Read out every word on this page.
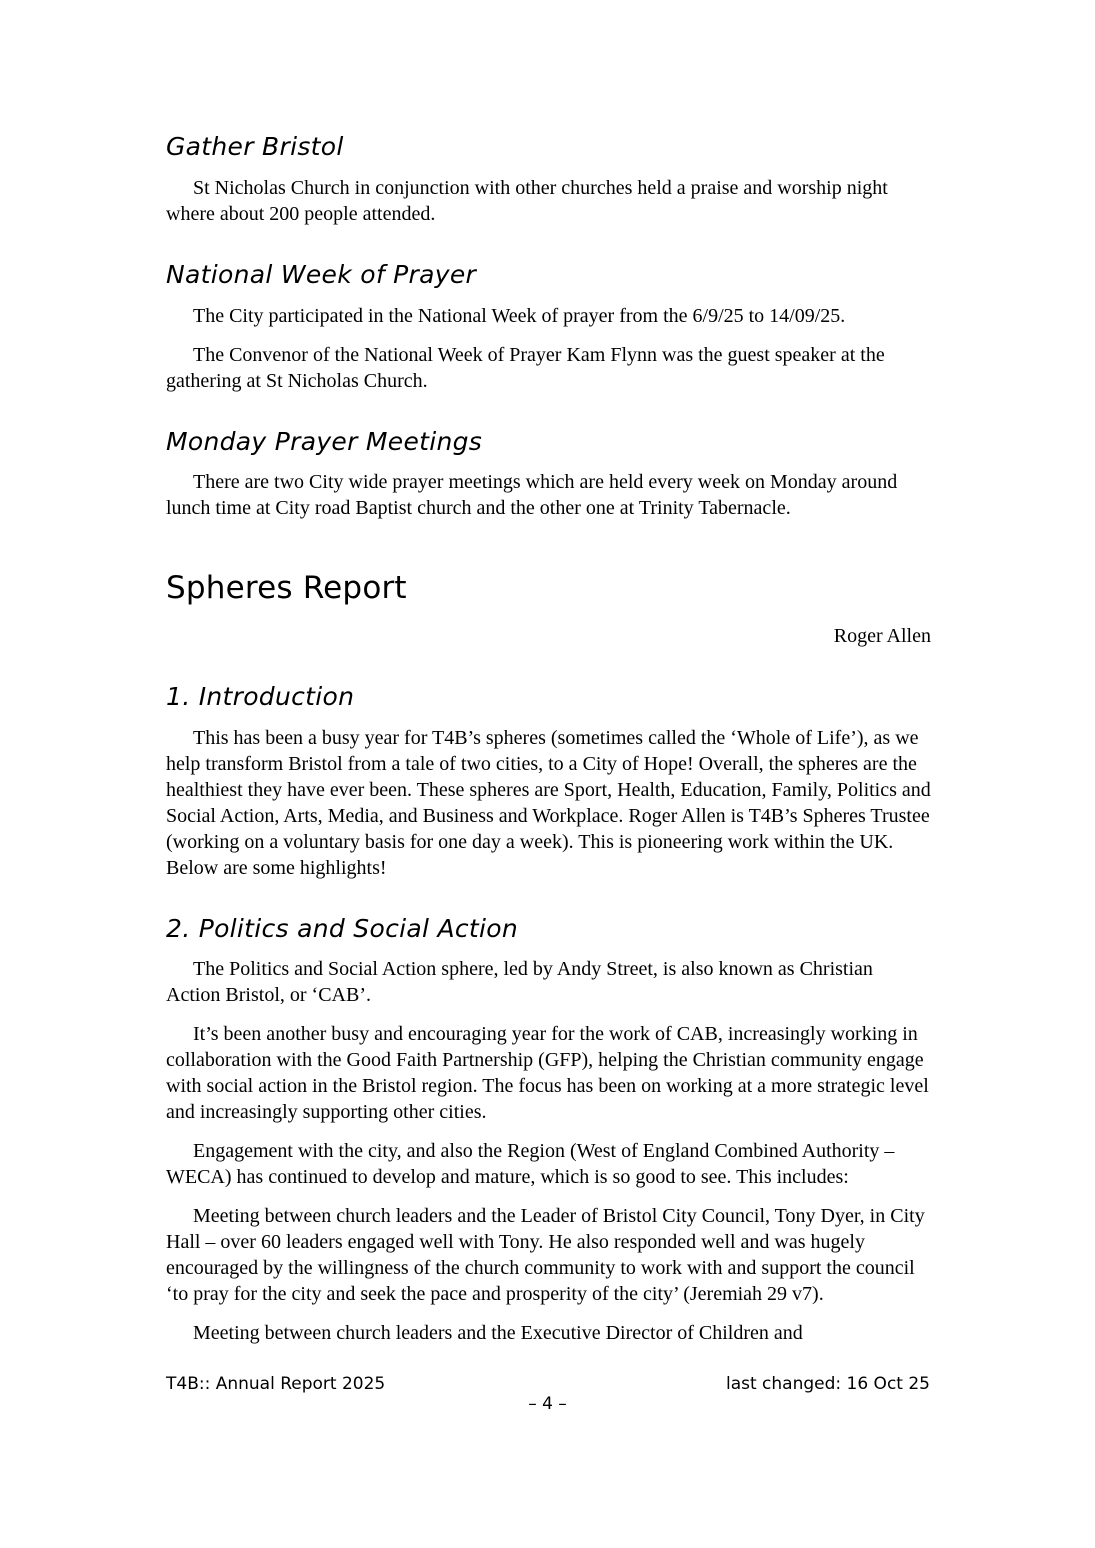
Gather Bristol
St Nicholas Church in conjunction with other churches held a praise and worship night where about 200 people attended.
National Week of Prayer
The City participated in the National Week of prayer from the 6/9/25 to 14/09/25.
The Convenor of the National Week of Prayer Kam Flynn was the guest speaker at the gathering at St Nicholas Church.
Monday Prayer Meetings
There are two City wide prayer meetings which are held every week on Monday around lunch time at City road Baptist church and the other one at Trinity Tabernacle.
Spheres Report
Roger Allen
1. Introduction
This has been a busy year for T4B’s spheres (sometimes called the ‘Whole of Life’), as we help transform Bristol from a tale of two cities, to a City of Hope! Overall, the spheres are the healthiest they have ever been. These spheres are Sport, Health, Education, Family, Politics and Social Action, Arts, Media, and Business and Workplace. Roger Allen is T4B’s Spheres Trustee (working on a voluntary basis for one day a week). This is pioneering work within the UK. Below are some highlights!
2. Politics and Social Action
The Politics and Social Action sphere, led by Andy Street, is also known as Christian Action Bristol, or ‘CAB’.
It’s been another busy and encouraging year for the work of CAB, increasingly working in collaboration with the Good Faith Partnership (GFP), helping the Christian community engage with social action in the Bristol region. The focus has been on working at a more strategic level and increasingly supporting other cities.
Engagement with the city, and also the Region (West of England Combined Authority – WECA) has continued to develop and mature, which is so good to see. This includes:
Meeting between church leaders and the Leader of Bristol City Council, Tony Dyer, in City Hall – over 60 leaders engaged well with Tony. He also responded well and was hugely encouraged by the willingness of the church community to work with and support the council ‘to pray for the city and seek the pace and prosperity of the city’ (Jeremiah 29 v7).
Meeting between church leaders and the Executive Director of Children and
T4B:: Annual Report 2025	last changed: 16 Oct 25
– 4 –
